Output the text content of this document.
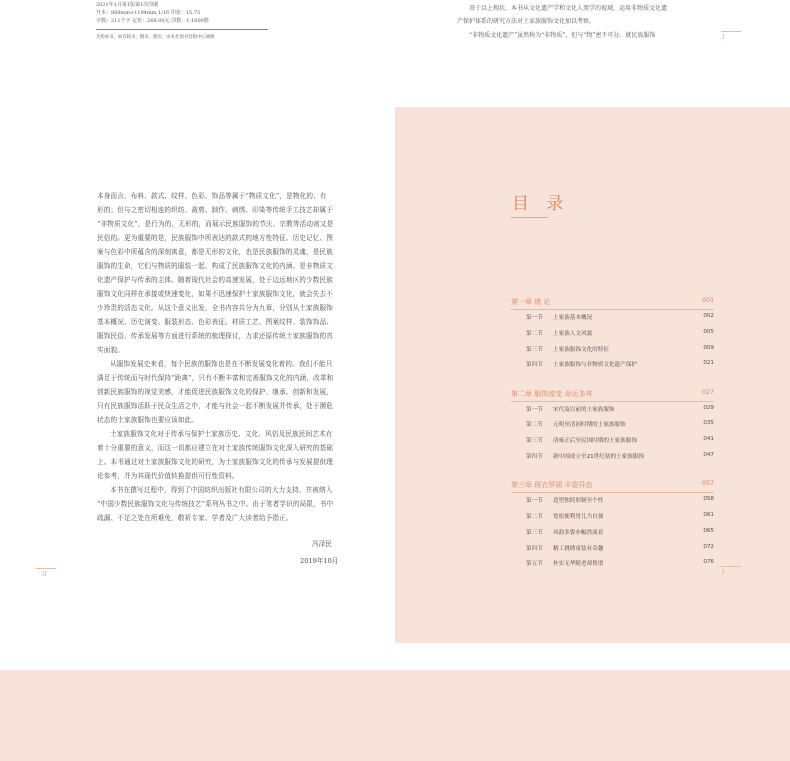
2021年1月第1版第1次印刷
开本：889mm×1194mm 1/16 印张：15.75
字数：211千字 定价：268.00元 印数：1-1000册
凡购本书，如有缺页、倒页、脱页，由本社图书营销中心调换
基于以上现状，本书从文化遗产学和文化人类学的视域，运用非物质文化遗
产保护体系的研究方法对土家族服饰文化加以考察。
“非物质文化遗产”虽然称为“非物质”，但与“物”密不可分。就民族服饰	I
本身而言，布料、款式、纹样、色彩、饰品等属于“物质文化”，是物化的、有
形的；但与之密切相连的织纺、裁剪、制作、刺绣、印染等传统手工技艺却属于
“非物质文化”，是行为的、无形的，而展示民族服饰的节庆、宗教等活动则又是
民俗的。更为重要的是，民族服饰中所表达的款式的地方性特征、历史记忆、图
案与色彩中所蕴含的深刻寓意，都是无形的文化，也是民族服饰的灵魂，是民族
服饰的生命，它们与物质的服装一起，构成了民族服饰文化的内涵。是非物质文
化遗产保护与传承的主体。随着现代社会的高速发展，处于边远地区的少数民族
服饰文化同样在承接或快速变化，如果不迅速保护土家族服饰文化，就会失去不
少珍贵的活态文化。从这个意义出发，全书内容共分为九章，分别从土家族服饰
基本概况、历史演变、服装形态、色彩表征、材质工艺、图案纹样、装饰饰品、
服饰民俗、传承发展等方面进行系统的梳理探讨，力求还原传统土家族服饰的真
实面貌。
从服饰发展史来看，每个民族的服饰也是在不断发展变化着的。我们不能只
满足于传统而与时代保持“距离”，只有不断丰富和完善服饰文化的内涵，改革和
创新民族服饰的视觉美感，才能促进民族服饰文化的保护、继承、创新和发展，
只有民族服饰活跃于民众生活之中，才能与社会一起不断发展并传承，处于濒危
状态的土家族服饰也要应该如此。
土家族服饰文化对于传承与保护土家族历史、文化、风俗及民族民间艺术有
着十分重要的意义，而这一切都应建立在对土家族传统服饰文化深入研究的基础
上。本书通过对土家族服饰文化的研究，为土家族服饰文化的传承与发展提供理
论参考，并为其现代价值转换提供可行性资料。
本书在撰写过程中，得到了中国纺织出版社有限公司的大力支持，并被纳入
“中国少数民族服饰文化与传统技艺”系列丛书之中。由于笔者学识的局限，书中
疏漏、不足之处在所难免，敬祈专家、学者及广大读者给予指正。
冯泽民
2019年10月
II
目 录
第一章 绪 论	001
第一节 土家族基本概况	002
第二节 土家族人文风貌	005
第三节 土家族服饰文化的特征	009
第四节 土家族服饰与非物质文化遗产保护	021
第二章 服饰流变 命运多舛	027
第一节 宋代及以前的土家族服饰	029
第二节 元明至清初时期的土家族服饰	035
第三节 清雍正后至民国时期的土家族服饰	041
第四节 新中国成立至21世纪初的土家族服饰	047
第三章 斑衣罗裙 丰姿异态	057
第一节 造型独特形制至个性	058
第二节 宽松便利男儿当自强	061
第三节 风韵多姿亦幅然流着	065
第四节 精工挑绣童装有奇趣	072
第五节 朴实无华随老却鲁谱	076
I
